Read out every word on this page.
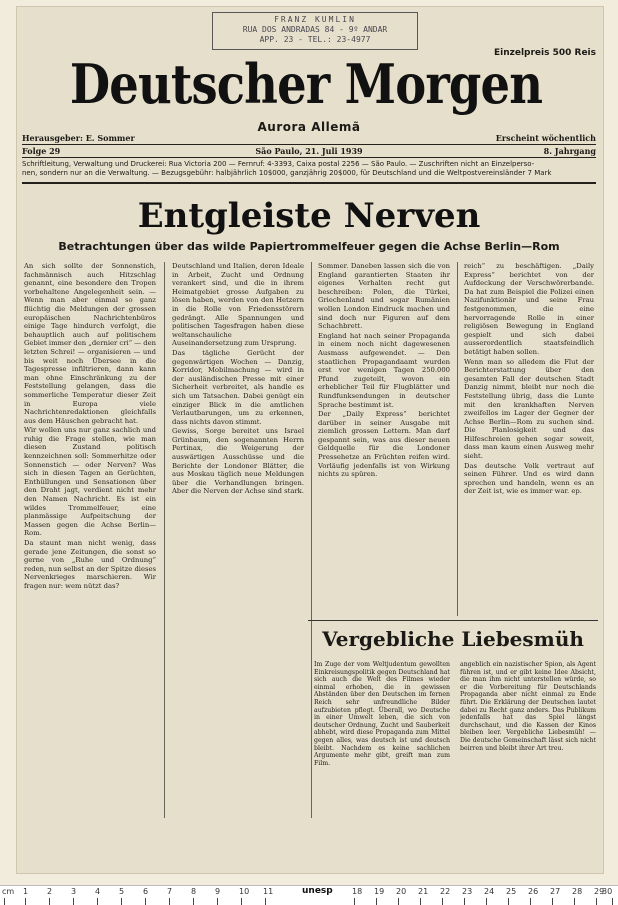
FRANZ KUMLIN
RUA DOS ANDRADAS 84 - 9º ANDAR
APP. 23 - TEL.: 23-4977
Einzelpreis 500 Reis
Deutscher Morgen
Aurora Allemã
Herausgeber: E. Sommer	Erscheint wöchentlich
Folge 29	São Paulo, 21. Juli 1939	8. Jahrgang
Schriftleitung, Verwaltung und Druckerei: Rua Victoria 200 — Fernruf: 4-3393, Caixa postal 2256 — São Paulo. — Zuschriften nicht an Einzelperso-
nen, sondern nur an die Verwaltung. — Bezugsgebühr: halbjährlich 10$000, ganzjährig 20$000, für Deutschland und die Weltpostvereinsländer 7 Mark
Entgleiste Nerven
Betrachtungen über das wilde Papiertrommelfeuer gegen die Achse Berlin—Rom

An sich sollte der Sonnenstich, fachmännisch auch Hitzschlag genannt, eine besondere den Tropen vorbehaltene Angelegenheit sein. — Wenn man aber einmal so ganz flüchtig die Meldungen der grossen europäischen Nachrichtenbüros einige Tage hindurch verfolgt, die behauptlich auch auf politischem Gebiet immer den „dernier cri“ — den letzten Schrei! — organisieren — und bis weit noch Übersee in die Tagespresse infiltrieren, dann kann man ohne Einschränkung zu der Feststellung gelangen, dass die sommerliche Temperatur dieser Zeit in Europa viele Nachrichtenredaktionen gleichfalls aus dem Häuschen gebracht hat.

Wir wollen uns nur ganz sachlich und ruhig die Frage stellen, wie man diesen Zustand politisch kennzeichnen soll: Sommerhitze oder Sonnenstich — oder Nerven? Was sich in diesen Tagen an Gerüchten, Enthüllungen und Sensationen über den Draht jagt, verdient nicht mehr den Namen Nachricht. Es ist ein wildes Trommelfeuer, eine planmässige Aufpeitschung der Massen gegen die Achse Berlin—Rom.

Da staunt man nicht wenig, dass gerade jene Zeitungen, die sonst so gerne von „Ruhe und Ordnung“ reden, nun selbst an der Spitze dieses Nervenkrieges marschieren. Wir fragen nur: wem nützt das?

Deutschland und Italien, deren Ideale in Arbeit, Zucht und Ordnung verankert sind, und die in ihrem Heimatgebiet grosse Aufgaben zu lösen haben, werden von den Hetzern in die Rolle von Friedensstörern gedrängt. Alle Spannungen und politischen Tagesfragen haben diese weltanschauliche Auseinandersetzung zum Ursprung.

Das tägliche Gerücht der gegenwärtigen Wochen — Danzig, Korridor, Mobilmachung — wird in der ausländischen Presse mit einer Sicherheit verbreitet, als handle es sich um Tatsachen. Dabei genügt ein einziger Blick in die amtlichen Verlautbarungen, um zu erkennen, dass nichts davon stimmt.

Gewiss, Sorge bereitet uns Israel Grünbaum, den sogenannten Herrn Pertinax, die Weigerung der auswärtigen Ausschüsse und die Berichte der Londoner Blätter, die aus Moskau täglich neue Meldungen über die Verhandlungen bringen. Aber die Nerven der Achse sind stark.

Sommer. Daneben lassen sich die von England garantierten Staaten ihr eigenes Verhalten recht gut beschreiben: Polen, die Türkei, Griechenland und sogar Rumänien wollen London Eindruck machen und sind doch nur Figuren auf dem Schachbrett.

England hat nach seiner Propaganda in einem noch nicht dagewesenen Ausmass aufgewendet. — Den staatlichen Propagandaamt wurden erst vor wenigen Tagen 250.000 Pfund zugeteilt, wovon ein erheblicher Teil für Flugblätter und Rundfunksendungen in deutscher Sprache bestimmt ist.

Der „Daily Express“ berichtet darüber in seiner Ausgabe mit ziemlich grossen Lettern. Man darf gespannt sein, was aus dieser neuen Geldquelle für die Londoner Pressehetze an Früchten reifen wird. Vorläufig jedenfalls ist von Wirkung nichts zu spüren.

reich“ zu beschäftigen. „Daily Express“ berichtet von der Aufdeckung der Verschwörerbande. Da hat zum Beispiel die Polizei einen Nazifunktionär und seine Frau festgenommen, die eine hervorragende Rolle in einer religiösen Bewegung in England gespielt und sich dabei ausserordentlich staatsfeindlich betätigt haben sollen.

Wenn man so alledem die Flut der Berichterstattung über den gesamten Fall der deutschen Stadt Danzig nimmt, bleibt nur noch die Feststellung übrig, dass die Lunte mit den krankhaften Nerven zweifellos im Lager der Gegner der Achse Berlin—Rom zu suchen sind. Die Planlosigkeit und das Hilfeschreien gehen sogar soweit, dass man kaum einen Ausweg mehr sieht.

Das deutsche Volk vertraut auf seinen Führer. Und es wird dann sprechen und handeln, wenn es an der Zeit ist, wie es immer war. ep.

Vergebliche Liebesmüh
Im Zuge der vom Weltjudentum gewollten Einkreisungspolitik gegen Deutschland hat sich auch die Welt des Filmes wieder einmal erhoben, die in gewissen Abständen über den Deutschen im fernen Reich sehr unfreundliche Bilder aufzubieten pflegt. Überall, wo Deutsche in einer Umwelt leben, die sich von deutscher Ordnung, Zucht und Sauberkeit abhebt, wird diese Propaganda zum Mittel gegen alles, was deutsch ist und deutsch bleibt. Nachdem es keine sachlichen Argumente mehr gibt, greift man zum Film.
angeblich ein nazistischer Spion, als Agent führen ist, und er gibt keine Idee Absicht, die man ihm nicht unterstellen würde, so er die Vorbereitung für Deutschlands Propaganda aber nicht einmal zu Ende führt. Die Erklärung der Deutschen lautet dabei zu Recht ganz anders. Das Publikum jedenfalls hat das Spiel längst durchschaut, und die Kassen der Kinos bleiben leer. Vergebliche Liebesmüh! — Die deutsche Gemeinschaft lässt sich nicht beirren und bleibt ihrer Art treu.
unesp
cm 1 2 3 4 5 6 7 8 9 10 11	18 19 20 21 22 23 24 25 26 27 28 29
30
